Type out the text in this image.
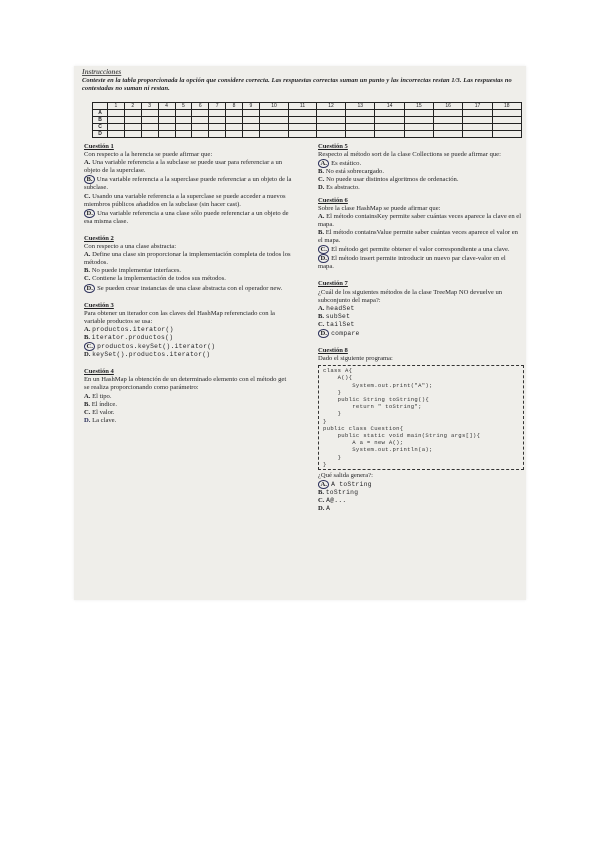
Instrucciones
Conteste en la tabla proporcionada la opción que considere correcta. Las respuestas correctas suman un punto y las incorrectas restan 1/3. Las respuestas no contestadas no suman ni restan.
	1	2	3	4	5	6	7	8	9	10	11	12	13	14	15	16	17	18
A																		
B																		
C																		
D																		
Cuestión 1
Con respecto a la herencia se puede afirmar que:
A. Una variable referencia a la subclase se puede usar para referenciar a un objeto de la superclase.
B. Una variable referencia a la superclase puede referenciar a un objeto de la subclase.
C. Usando una variable referencia a la superclase se puede acceder a nuevos miembros públicos añadidos en la subclase (sin hacer cast).
D. Una variable referencia a una clase sólo puede referenciar a un objeto de esa misma clase.
Cuestión 2
Con respecto a una clase abstracta:
A. Define una clase sin proporcionar la implementación completa de todos los métodos.
B. No puede implementar interfaces.
C. Contiene la implementación de todos sus métodos.
D. Se pueden crear instancias de una clase abstracta con el operador new.
Cuestión 3
Para obtener un iterador con las claves del HashMap referenciado con la variable productos se usa:
A. productos.iterator()
B. iterator.productos()
C. productos.keySet().iterator()
D. keySet().productos.iterator()
Cuestión 4
En un HashMap la obtención de un determinado elemento con el método get se realiza proporcionando como parámetro:
A. El tipo.
B. El índice.
C. El valor.
D. La clave.
Cuestión 5
Respecto al método sort de la clase Collections se puede afirmar que:
A. Es estático.
B. No está sobrecargado.
C. No puede usar distintos algoritmos de ordenación.
D. Es abstracto.
Cuestión 6
Sobre la clase HashMap se puede afirmar que:
A. El método containsKey permite saber cuántas veces aparece la clave en el mapa.
B. El método containsValue permite saber cuántas veces aparece el valor en el mapa.
C. El método get permite obtener el valor correspondiente a una clave.
D. El método insert permite introducir un nuevo par clave-valor en el mapa.
Cuestión 7
¿Cuál de los siguientes métodos de la clase TreeMap NO devuelve un subconjunto del mapa?:
A. headSet
B. subSet
C. tailSet
D. compare
Cuestión 8
Dado el siguiente programa:
class A{
A(){
System.out.print("A");
}
public String toString(){
return " toString";
}
}
public class Cuestion{
public static void main(String args[]){
A a = new A();
System.out.println(a);
}
}
¿Qué salida genera?:
A. A toString
B. toString
C. A@...
D. A
